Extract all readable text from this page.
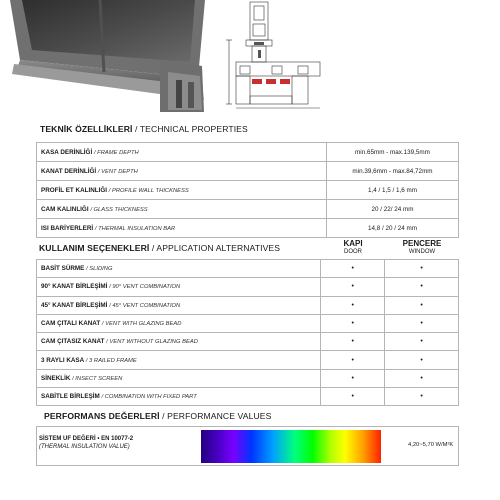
TEKNİK ÖZELLİKLERİ / TECHNICAL PROPERTIES
KASA DERİNLİĞİ / FRAME DEPTH	min.65mm - max.139,5mm
KANAT DERİNLİĞİ / VENT DEPTH	min.39,6mm - max.84,72mm
PROFİL ET KALINLIĞI / PROFILE WALL THICKNESS	1,4 / 1,5 / 1,6 mm
CAM KALINLIĞI / GLASS THICKNESS	20 / 22/ 24 mm
ISI BARİYERLERİ / THERMAL INSULATION BAR	14,8 / 20 / 24 mm
KULLANIM SEÇENEKLERİ / APPLICATION ALTERNATIVES	KAPI
DOOR
PENCERE
WINDOW
BASİT SÜRME / SLIDING	•	•
90° KANAT BİRLEŞİMİ / 90° VENT COMBINATION	•	•
45° KANAT BİRLEŞİMİ / 45° VENT COMBINATION	•	•
CAM ÇITALI KANAT / VENT WITH GLAZING BEAD	•	•
CAM ÇITASIZ KANAT / VENT WITHOUT GLAZING BEAD	•	•
3 RAYLI KASA / 3 RAILED FRAME	•	•
SİNEKLİK / INSECT SCREEN	•	•
SABİTLE BİRLEŞİM / COMBINATION WITH FIXED PART	•	•
PERFORMANS DEĞERLERİ / PERFORMANCE VALUES
SİSTEM UF DEĞERİ • EN 10077-2
(THERMAL INSULATION VALUE)	4,20~5,70 W/M²K
